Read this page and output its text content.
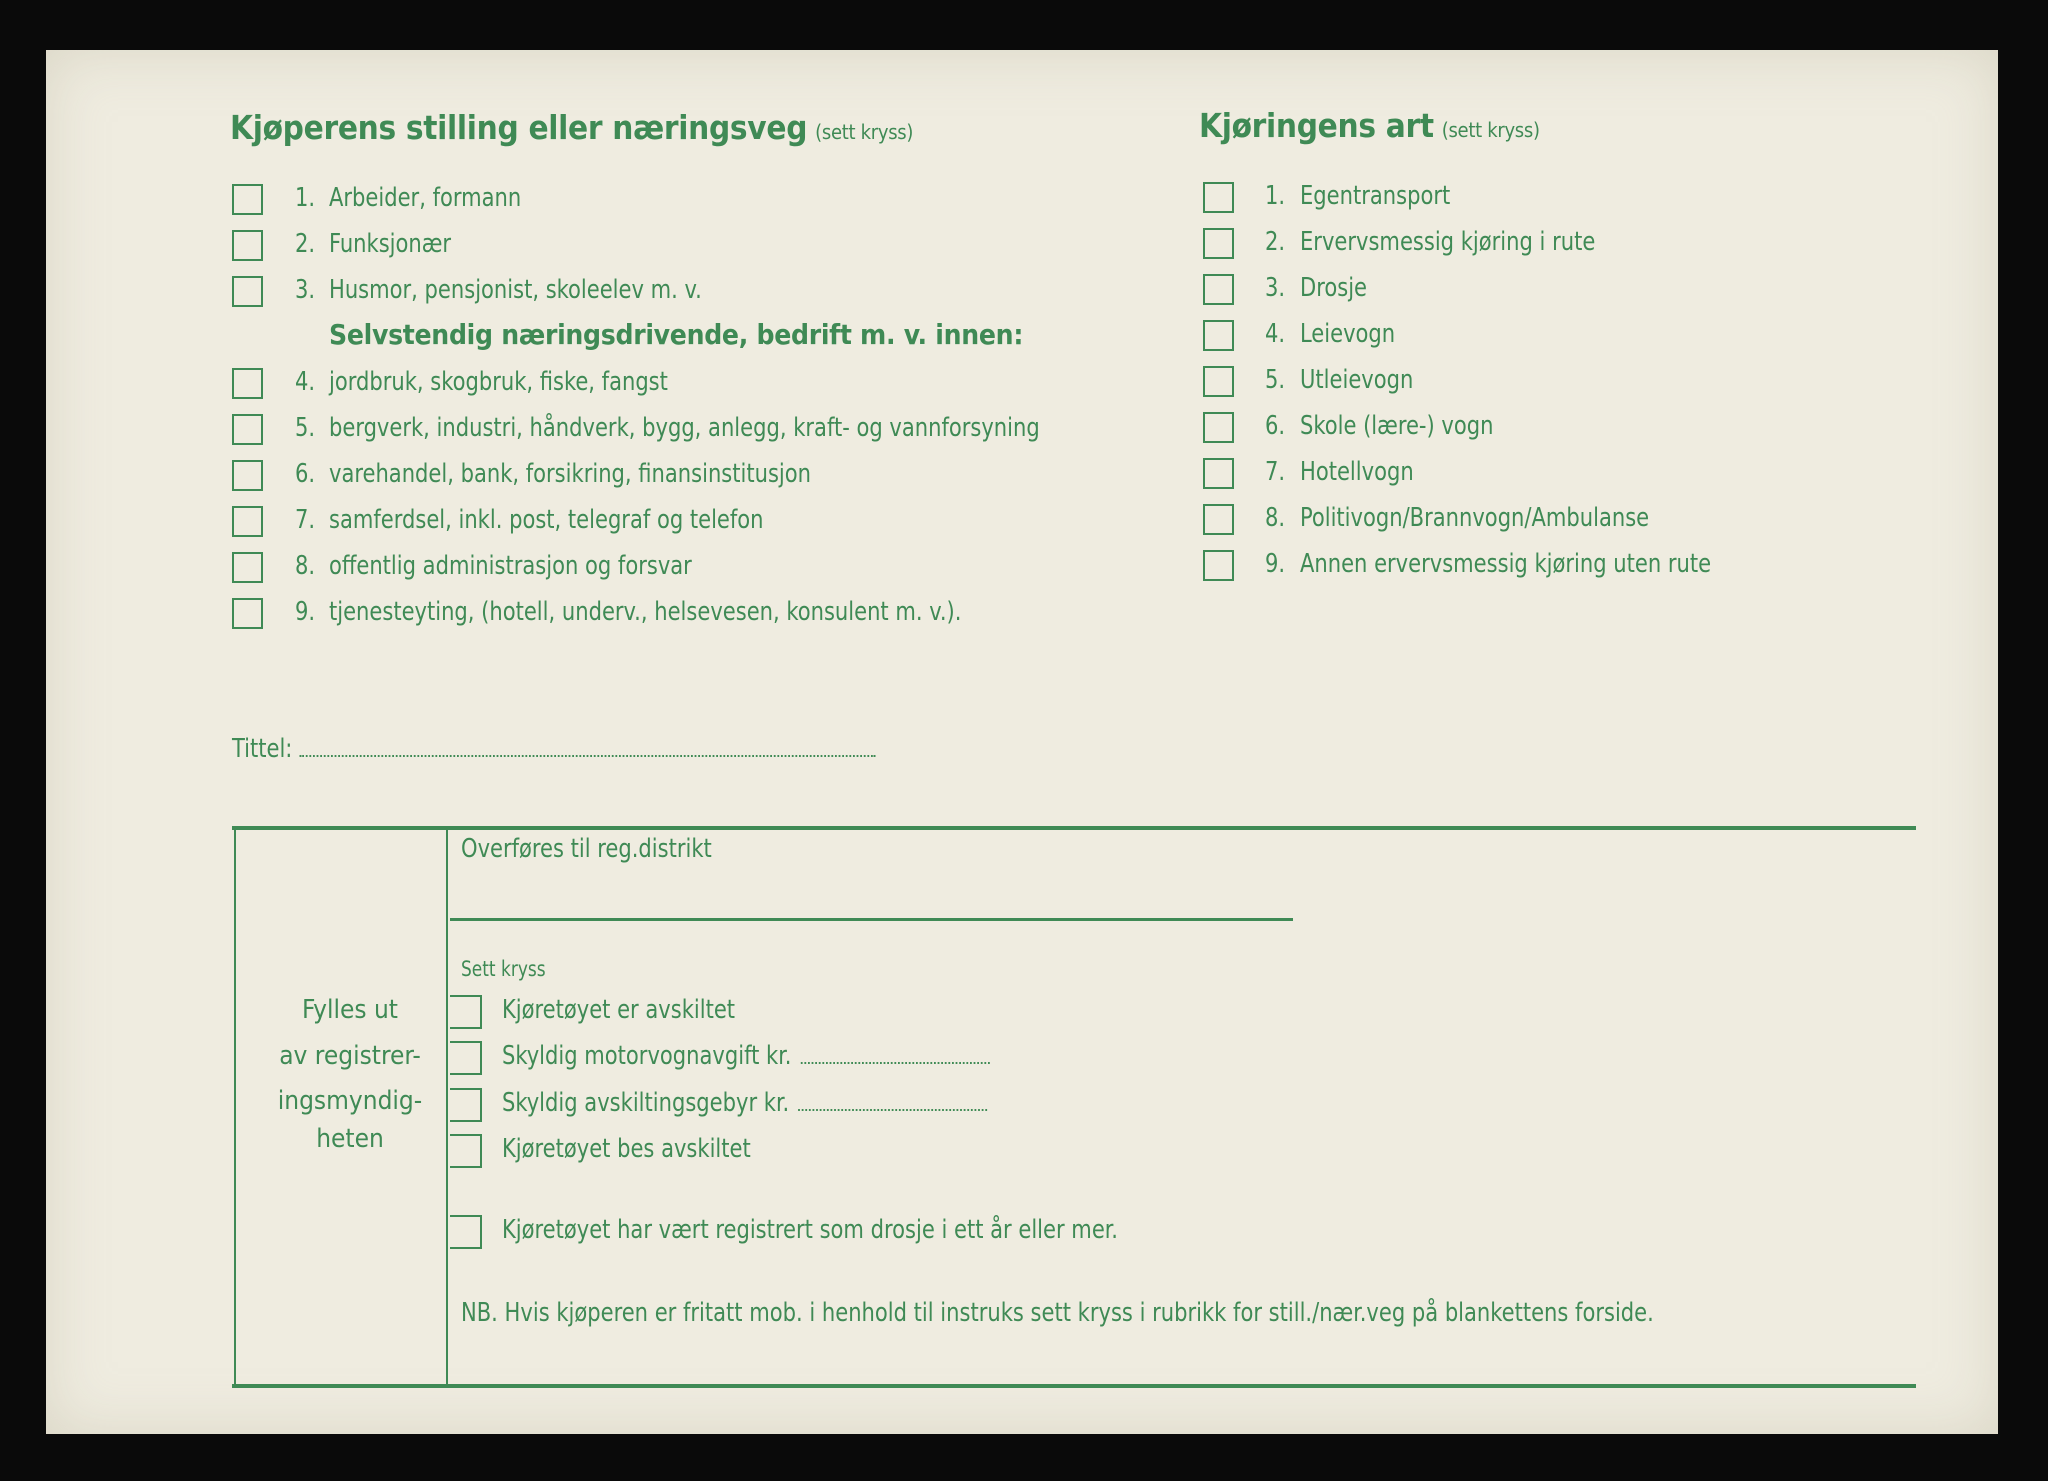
Kjøperens stilling eller næringsveg (sett kryss)	Kjøringens art (sett kryss)
Selvstendig næringsdrivende, bedrift m. v. innen:
Tittel:
Overføres til reg.distrikt
Sett kryss
NB. Hvis kjøperen er fritatt mob. i henhold til instruks sett kryss i rubrikk for still./nær.veg på blankettens forside.
1. Arbeider, formann
2. Funksjonær
3. Husmor, pensjonist, skoleelev m. v.
4. jordbruk, skogbruk, fiske, fangst
5. bergverk, industri, håndverk, bygg, anlegg, kraft- og vannforsyning
6. varehandel, bank, forsikring, finansinstitusjon
7. samferdsel, inkl. post, telegraf og telefon
8. offentlig administrasjon og forsvar
9. tjenesteyting, (hotell, underv., helsevesen, konsulent m. v.).
1. Egentransport
2. Ervervsmessig kjøring i rute
3. Drosje
4. Leievogn
5. Utleievogn
6. Skole (lære-) vogn
7. Hotellvogn
8. Politivogn/Brannvogn/Ambulanse
9. Annen ervervsmessig kjøring uten rute
Fylles ut
av registrer-
ingsmyndig-
heten
Kjøretøyet er avskiltet
Skyldig motorvognavgift kr.
Skyldig avskiltingsgebyr kr.
Kjøretøyet bes avskiltet
Kjøretøyet har vært registrert som drosje i ett år eller mer.
